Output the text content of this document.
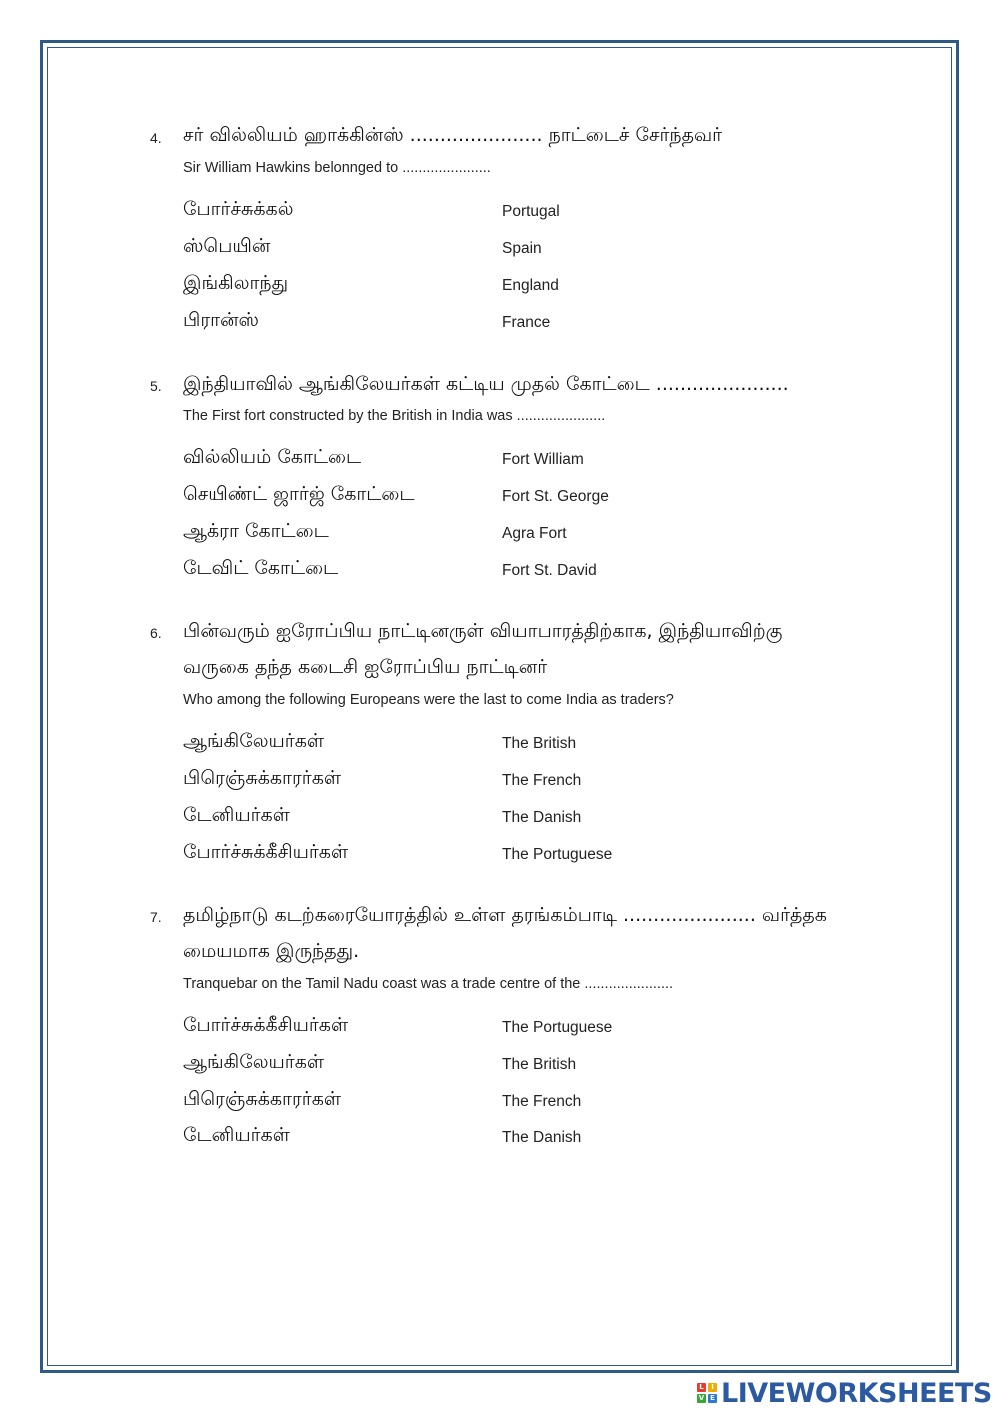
4. சர் வில்லியம் ஹாக்கின்ஸ் ...................... நாட்டைச் சேர்ந்தவர்
Sir William Hawkins belonnged to ......................
போர்ச்சுக்கல்	Portugal
ஸ்பெயின்	Spain
இங்கிலாந்து	England
பிரான்ஸ்	France
5. இந்தியாவில் ஆங்கிலேயர்கள் கட்டிய முதல் கோட்டை ......................
The First fort constructed by the British in India was ......................
வில்லியம் கோட்டை	Fort William
செயிண்ட் ஜார்ஜ் கோட்டை	Fort St. George
ஆக்ரா கோட்டை	Agra Fort
டேவிட் கோட்டை	Fort St. David
6. பின்வரும் ஐரோப்பிய நாட்டினருள் வியாபாரத்திற்காக, இந்தியாவிற்கு
வருகை தந்த கடைசி ஐரோப்பிய நாட்டினர்
Who among the following Europeans were the last to come India as traders?
ஆங்கிலேயர்கள்	The British
பிரெஞ்சுக்காரர்கள்	The French
டேனியர்கள்	The Danish
போர்ச்சுக்கீசியர்கள்	The Portuguese
7. தமிழ்நாடு கடற்கரையோரத்தில் உள்ள தரங்கம்பாடி ...................... வர்த்தக
மையமாக இருந்தது.
Tranquebar on the Tamil Nadu coast was a trade centre of the ......................
போர்ச்சுக்கீசியர்கள்	The Portuguese
ஆங்கிலேயர்கள்	The British
பிரெஞ்சுக்காரர்கள்	The French
டேனியர்கள்	The Danish
L	I
V E LIVEWORKSHEETS
